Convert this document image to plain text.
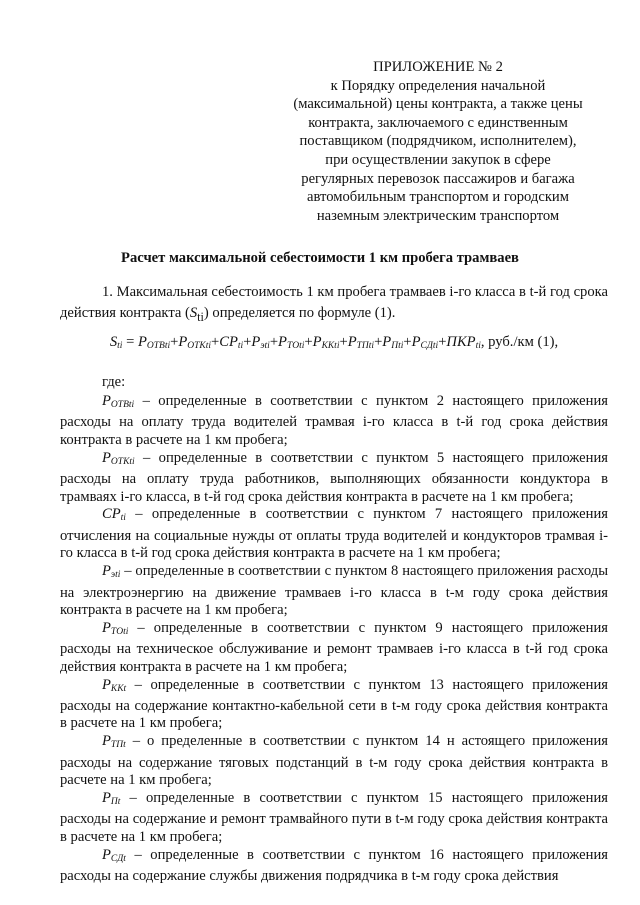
ПРИЛОЖЕНИЕ № 2
к Порядку определения начальной
(максимальной) цены контракта, а также цены
контракта, заключаемого с единственным
поставщиком (подрядчиком, исполнителем),
при осуществлении закупок в сфере
регулярных перевозок пассажиров и багажа
автомобильным транспортом и городским
наземным электрическим транспортом
Расчет максимальной себестоимости 1 км пробега трамваев
1. Максимальная себестоимость 1 км пробега трамваев i-го класса в t-й год срока действия контракта $(S_{ti})$ определяется по формуле (1).
$S_{ti} = P_{ОТВti}+P_{ОТКti}+CP_{ti}+P_{эti}+P_{ТОti}+P_{ККti}+P_{ТПti}+P_{Пti}+P_{СДti}+ПКР_{ti}$, руб./км (1),
где:
$P_{ОТВti}$ – определенные в соответствии с пунктом 2 настоящего приложения расходы на оплату труда водителей трамвая i-го класса в t-й год срока действия контракта в расчете на 1 км пробега;
$P_{ОТКti}$ – определенные в соответствии с пунктом 5 настоящего приложения расходы на оплату труда работников, выполняющих обязанности кондуктора в трамваях i-го класса, в t-й год срока действия контракта в расчете на 1 км пробега;
$CP_{ti}$ – определенные в соответствии с пунктом 7 настоящего приложения отчисления на социальные нужды от оплаты труда водителей и кондукторов трамвая i-го класса в t-й год срока действия контракта в расчете на 1 км пробега;
$P_{эti}$ – определенные в соответствии с пунктом 8 настоящего приложения расходы на электроэнергию на движение трамваев i-го класса в t-м году срока действия контракта в расчете на 1 км пробега;
$P_{ТОti}$ – определенные в соответствии с пунктом 9 настоящего приложения расходы на техническое обслуживание и ремонт трамваев i-го класса в t-й год срока действия контракта в расчете на 1 км пробега;
$P_{ККt}$ – определенные в соответствии с пунктом 13 настоящего приложения расходы на содержание контактно-кабельной сети в t-м году срока действия контракта в расчете на 1 км пробега;
$P_{ТПt}$ – о пределенные в соответствии с пунктом 14 н астоящего приложения расходы на содержание тяговых подстанций в t-м году срока действия контракта в расчете на 1 км пробега;
$P_{Пt}$ – определенные в соответствии с пунктом 15 настоящего приложения расходы на содержание и ремонт трамвайного пути в t-м году срока действия контракта в расчете на 1 км пробега;
$P_{СДt}$ – определенные в соответствии с пунктом 16 настоящего приложения расходы на содержание службы движения подрядчика в t-м году срока действия
